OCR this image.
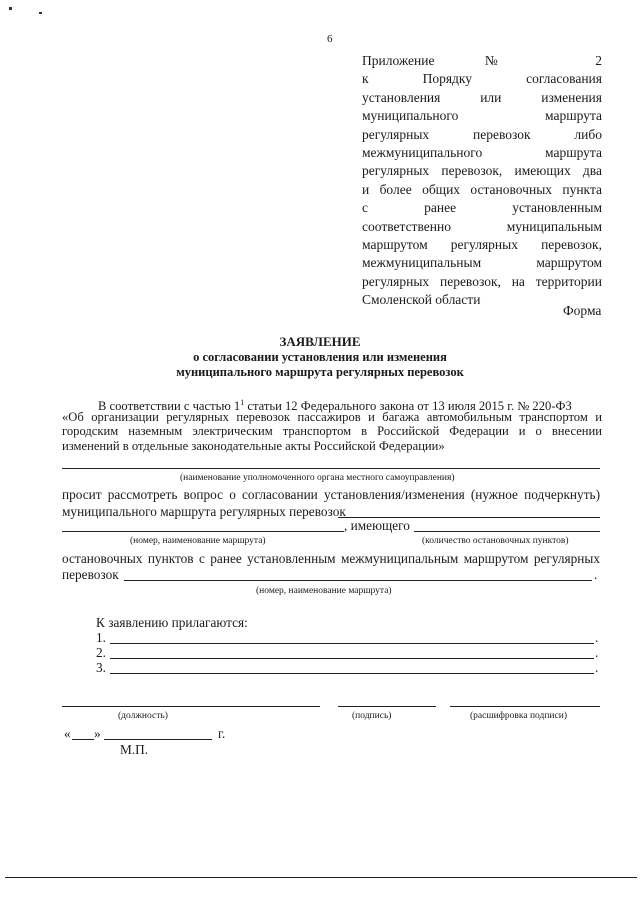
6
Приложение № 2
к Порядку согласования
установления или изменения
муниципального маршрута
регулярных перевозок либо
межмуниципального маршрута
регулярных перевозок, имеющих два
и более общих остановочных пункта
с ранее установленным
соответственно муниципальным
маршрутом регулярных перевозок,
межмуниципальным маршрутом
регулярных перевозок, на территории
Смоленской области
Форма
ЗАЯВЛЕНИЕ
о согласовании установления или изменения
муниципального маршрута регулярных перевозок
В соответствии с частью $1^1$ статьи 12 Федерального закона от 13 июля 2015 г. № 220-ФЗ
«Об организации регулярных перевозок пассажиров и багажа автомобильным транспортом и
городским наземным электрическим транспортом в Российской Федерации и о внесении
изменений в отдельные законодательные акты Российской Федерации»
(наименование уполномоченного органа местного самоуправления)
просит рассмотреть вопрос о согласовании установления/изменения (нужное подчеркнуть)
муниципального маршрута регулярных перевозок
, имеющего
(номер, наименование маршрута)	(количество остановочных пунктов)
остановочных пунктов с ранее установленным межмуниципальным маршрутом регулярных
перевозок	.
(номер, наименование маршрута)
К заявлению прилагаются:
1.	.
2.	.
3.	.
(должность)	(подпись)	(расшифровка подписи)
« »	г.
М.П.
